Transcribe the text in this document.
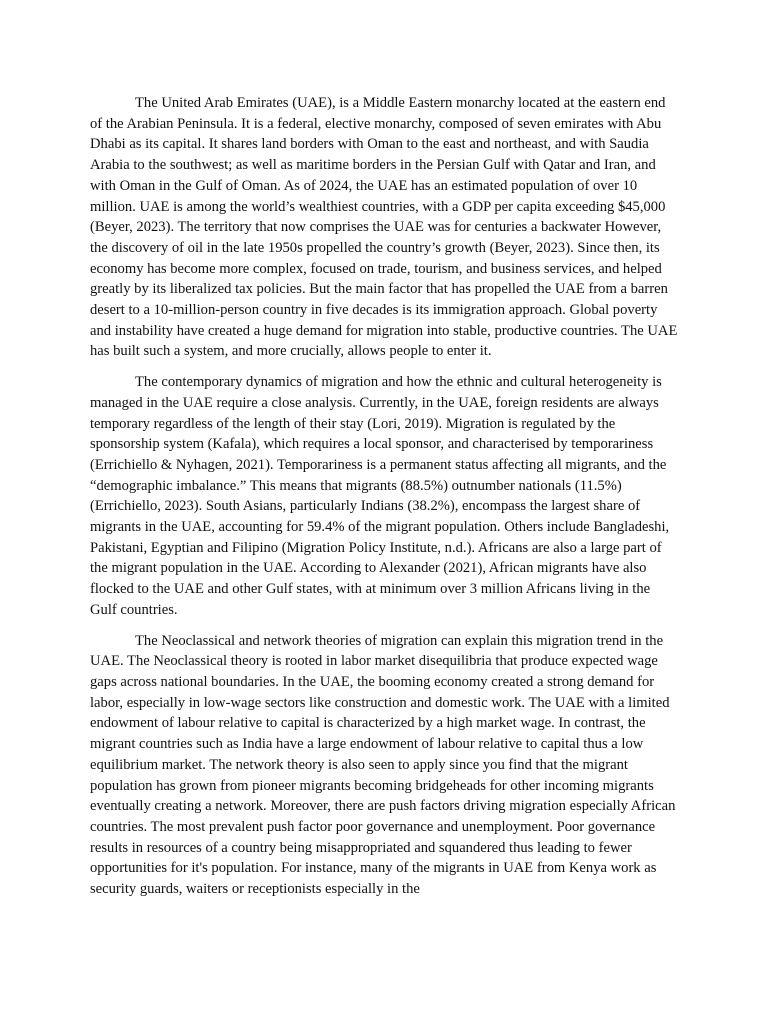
The United Arab Emirates (UAE), is a Middle Eastern monarchy located at the eastern end of the Arabian Peninsula. It is a federal, elective monarchy, composed of seven emirates with Abu Dhabi as its capital. It shares land borders with Oman to the east and northeast, and with Saudia Arabia to the southwest; as well as maritime borders in the Persian Gulf with Qatar and Iran, and with Oman in the Gulf of Oman. As of 2024, the UAE has an estimated population of over 10 million. UAE is among the world’s wealthiest countries, with a GDP per capita exceeding $45,000 (Beyer, 2023). The territory that now comprises the UAE was for centuries a backwater However, the discovery of oil in the late 1950s propelled the country’s growth (Beyer, 2023). Since then, its economy has become more complex, focused on trade, tourism, and business services, and helped greatly by its liberalized tax policies. But the main factor that has propelled the UAE from a barren desert to a 10-million-person country in five decades is its immigration approach. Global poverty and instability have created a huge demand for migration into stable, productive countries. The UAE has built such a system, and more crucially, allows people to enter it.

The contemporary dynamics of migration and how the ethnic and cultural heterogeneity is managed in the UAE require a close analysis. Currently, in the UAE, foreign residents are always temporary regardless of the length of their stay (Lori, 2019). Migration is regulated by the sponsorship system (Kafala), which requires a local sponsor, and characterised by temporariness (Errichiello & Nyhagen, 2021). Temporariness is a permanent status affecting all migrants, and the “demographic imbalance.” This means that migrants (88.5%) outnumber nationals (11.5%) (Errichiello, 2023). South Asians, particularly Indians (38.2%), encompass the largest share of migrants in the UAE, accounting for 59.4% of the migrant population. Others include Bangladeshi, Pakistani, Egyptian and Filipino (Migration Policy Institute, n.d.). Africans are also a large part of the migrant population in the UAE. According to Alexander (2021), African migrants have also flocked to the UAE and other Gulf states, with at minimum over 3 million Africans living in the Gulf countries.

The Neoclassical and network theories of migration can explain this migration trend in the UAE. The Neoclassical theory is rooted in labor market disequilibria that produce expected wage gaps across national boundaries. In the UAE, the booming economy created a strong demand for labor, especially in low-wage sectors like construction and domestic work. The UAE with a limited endowment of labour relative to capital is characterized by a high market wage. In contrast, the migrant countries such as India have a large endowment of labour relative to capital thus a low equilibrium market. The network theory is also seen to apply since you find that the migrant population has grown from pioneer migrants becoming bridgeheads for other incoming migrants eventually creating a network. Moreover, there are push factors driving migration especially African countries. The most prevalent push factor poor governance and unemployment. Poor governance results in resources of a country being misappropriated and squandered thus leading to fewer opportunities for it's population. For instance, many of the migrants in UAE from Kenya work as security guards, waiters or receptionists especially in the
